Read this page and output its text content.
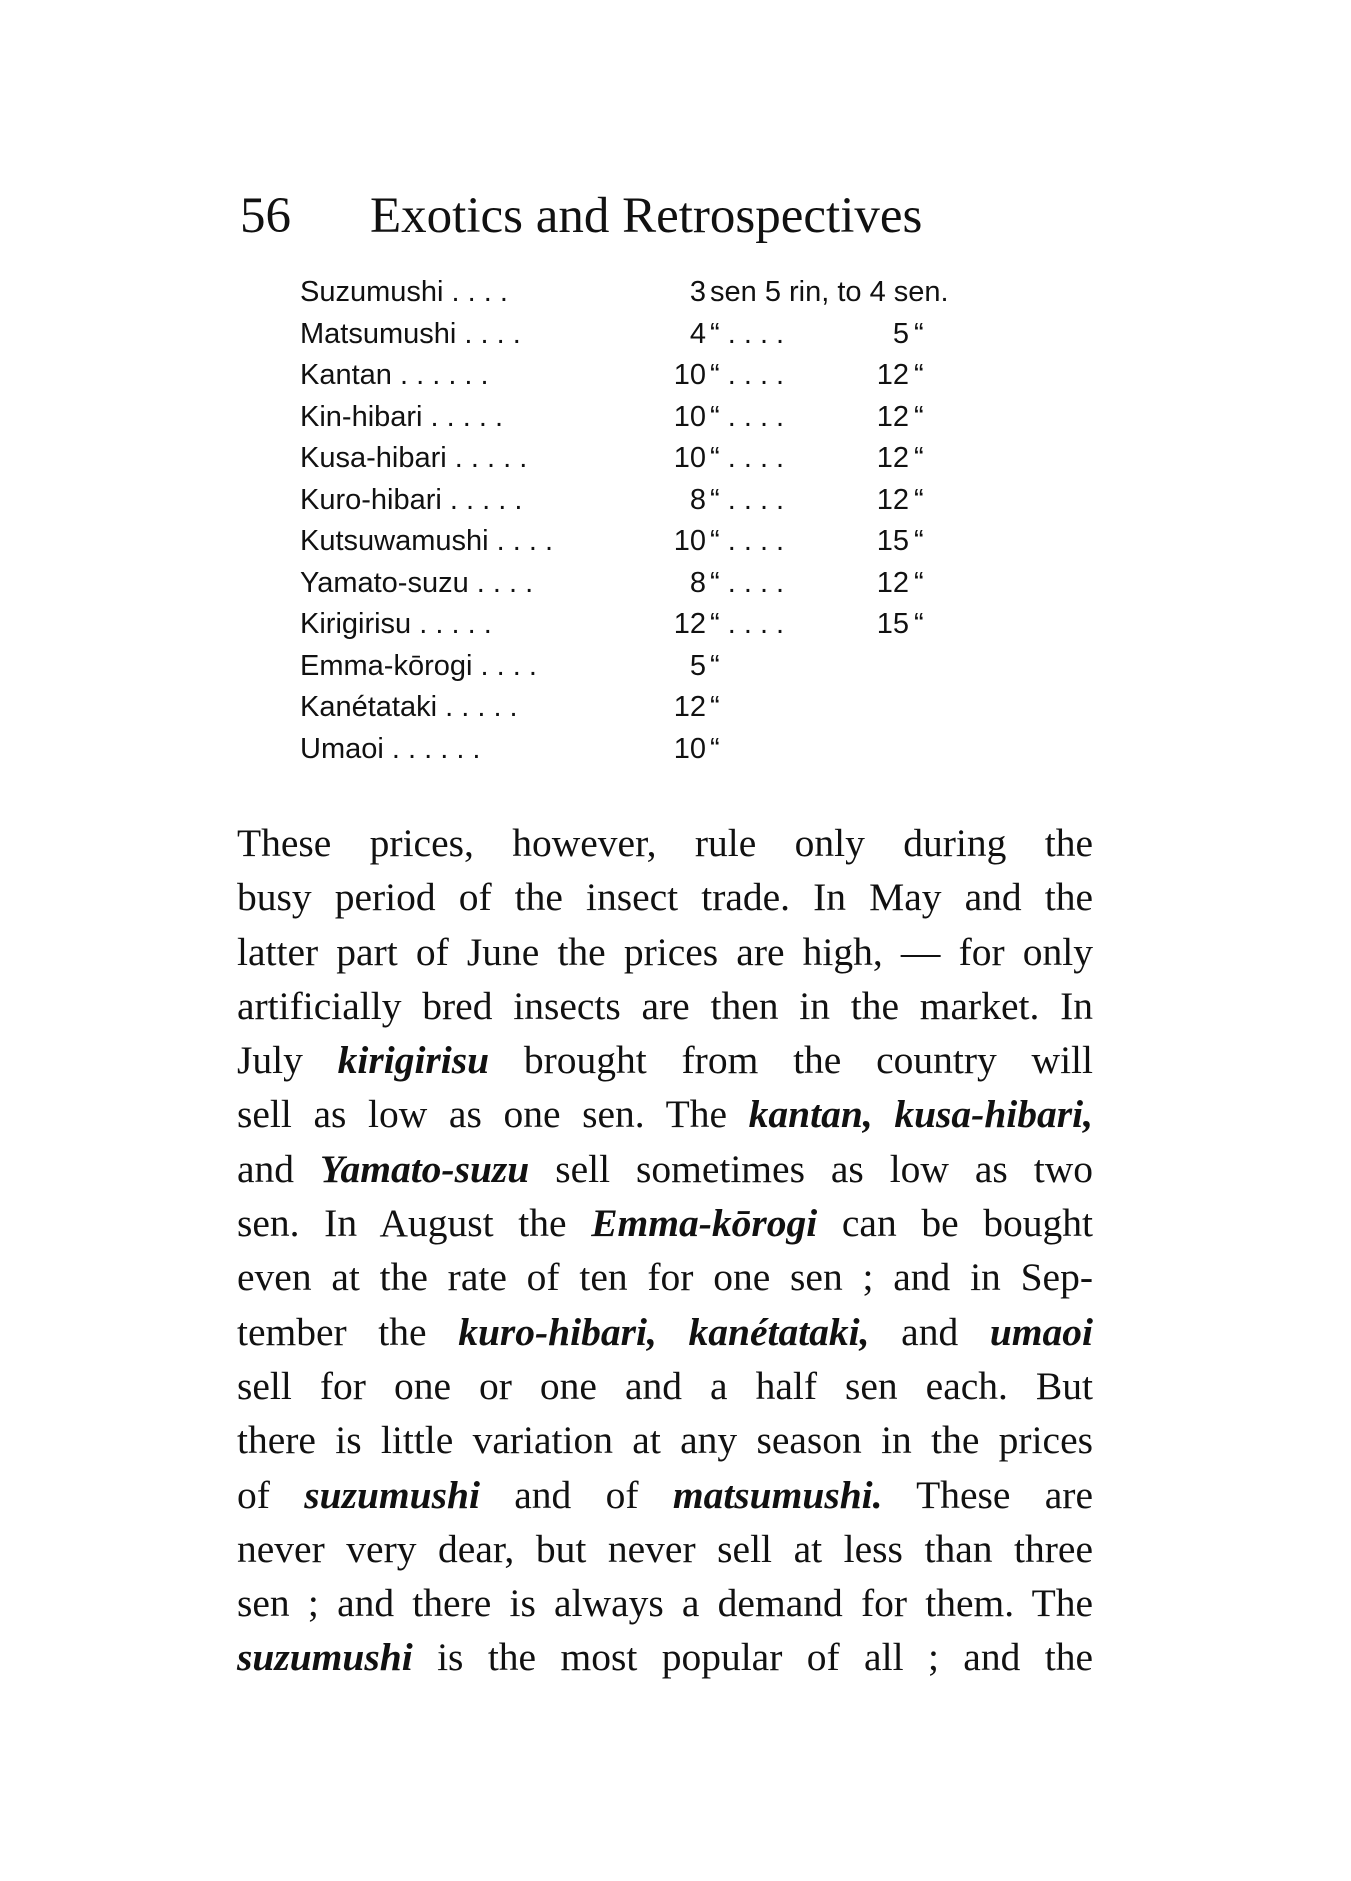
56 Exotics and Retrospectives
Suzumushi . . . .	3 sen 5 rin, to 4 sen.
Matsumushi . . . .	4 “ . . . .	5 “
Kantan . . . . . .	10 “ . . . .	12 “
Kin-hibari . . . . .	10 “ . . . .	12 “
Kusa-hibari . . . . .	10 “ . . . .	12 “
Kuro-hibari . . . . .	8 “ . . . .	12 “
Kutsuwamushi . . . .	10 “ . . . .	15 “
Yamato-suzu . . . .	8 “ . . . .	12 “
Kirigirisu . . . . .	12 “ . . . .	15 “
Emma-kōrogi . . . .	5 “
Kanétataki . . . . .	12 “
Umaoi . . . . . .	10 “
These prices, however, rule only during the
busy period of the insect trade. In May and the
latter part of June the prices are high, — for only
artificially bred insects are then in the market. In
July kirigirisu brought from the country will
sell as low as one sen. The kantan, kusa-hibari,
and Yamato-suzu sell sometimes as low as two
sen. In August the Emma-kōrogi can be bought
even at the rate of ten for one sen ; and in Sep-
tember the kuro-hibari, kanétataki, and umaoi
sell for one or one and a half sen each. But
there is little variation at any season in the prices
of suzumushi and of matsumushi. These are
never very dear, but never sell at less than three
sen ; and there is always a demand for them. The
suzumushi is the most popular of all ; and the
